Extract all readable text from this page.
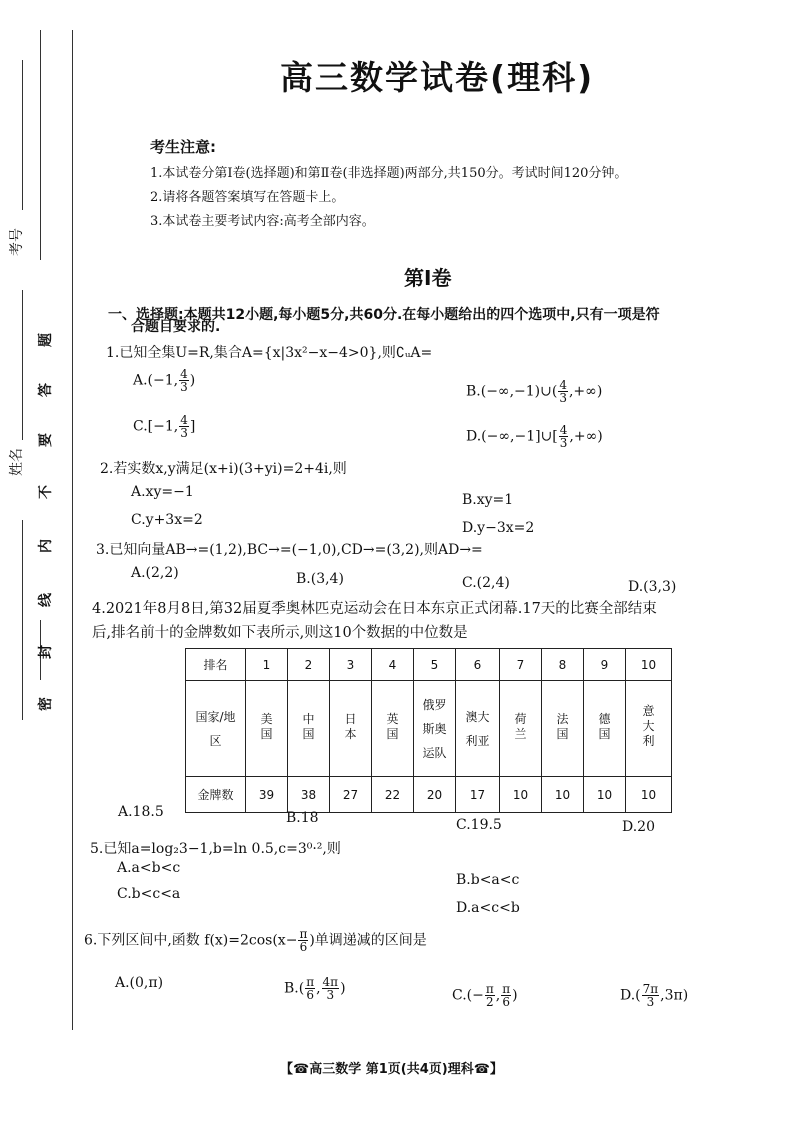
考号
姓名
题
答
要
不
内
线
封
密
高三数学试卷(理科)
考生注意:
1.本试卷分第Ⅰ卷(选择题)和第Ⅱ卷(非选择题)两部分,共150分。考试时间120分钟。
2.请将各题答案填写在答题卡上。
3.本试卷主要考试内容:高考全部内容。
第Ⅰ卷
一、选择题:本题共12小题,每小题5分,共60分.在每小题给出的四个选项中,只有一项是符
合题目要求的.
1.已知全集U=R,集合A={x|3x²−x−4>0},则∁ᵤA=
A.(−1, $\frac{4}{3}$ )
B.(−∞,−1)∪( $\frac{4}{3}$ ,+∞)
C.[−1, $\frac{4}{3}$ ]
D.(−∞,−1]∪[ $\frac{4}{3}$ ,+∞)
2.若实数x,y满足(x+i)(3+yi)=2+4i,则
A.xy=−1	B.xy=1
C.y+3x=2	D.y−3x=2
3.已知向量AB→=(1,2),BC→=(−1,0),CD→=(3,2),则AD→=
A.(2,2)	B.(3,4)	C.(2,4)	D.(3,3)
4.2021年8月8日,第32届夏季奥林匹克运动会在日本东京正式闭幕.17天的比赛全部结束
后,排名前十的金牌数如下表所示,则这10个数据的中位数是
排名	1	2	3	4	5	6	7	8	9	10
国家/地区	美国	中国	日本	英国	俄罗斯奥运队	澳大利亚	荷兰	法国	德国	意大利
金牌数	39	38	27	22	20	17	10	10	10	10
A.18.5	B.18	C.19.5	D.20
5.已知a=log₂3−1,b=ln 0.5,c=3⁰·²,则
A.a<b<c
B.b<a<c
C.b<c<a
D.a<c<b
6.下列区间中,函数 $f(x)=2\cos(x- \frac{\pi}{6}$ )单调递减的区间是
A.(0,π)	$B.( \frac{\pi}{6}$ , $\frac{4\pi}{3}$ )	$C.(- \frac{\pi}{2}$ , $\frac{\pi}{6}$ )	$D.( \frac{7\pi}{3} ,3\pi)$
【☎高三数学 第1页(共4页)理科☎】
